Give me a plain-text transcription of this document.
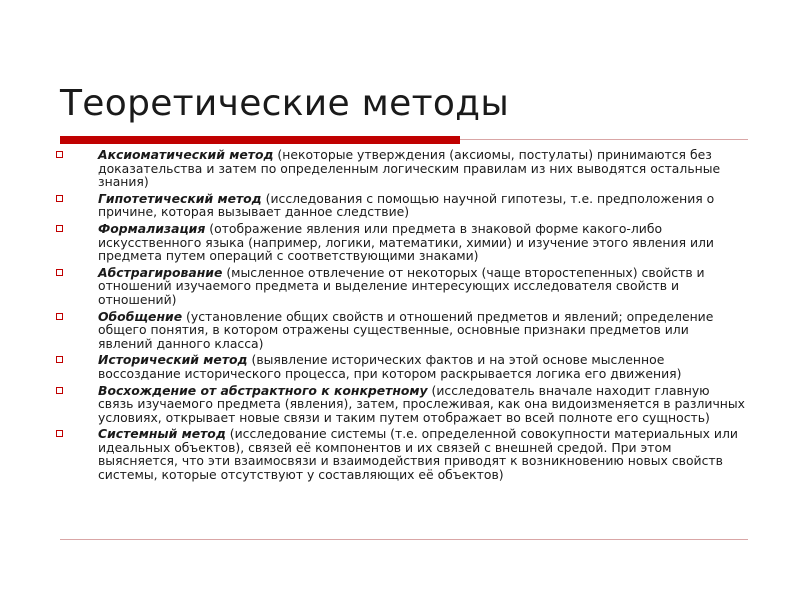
Теоретические методы
Аксиоматический метод (некоторые утверждения (аксиомы, постулаты) принимаются без доказательства и затем по определенным логическим правилам из них выводятся остальные знания)
Гипотетический метод (исследования с помощью научной гипотезы, т.е. предположения о причине, которая вызывает данное следствие)
Формализация (отображение явления или предмета в знаковой форме какого-либо искусственного языка (например, логики, математики, химии) и изучение этого явления или предмета путем операций с соответствующими знаками)
Абстрагирование (мысленное отвлечение от некоторых (чаще второстепенных) свойств и отношений изучаемого предмета и выделение интересующих исследователя свойств и отношений)
Обобщение (установление общих свойств и отношений предметов и явлений; определение общего понятия, в котором отражены существенные, основные признаки предметов или явлений данного класса)
Исторический метод (выявление исторических фактов и на этой основе мысленное воссоздание исторического процесса, при котором раскрывается логика его движения)
Восхождение от абстрактного к конкретному (исследователь вначале находит главную связь изучаемого предмета (явления), затем, прослеживая, как она видоизменяется в различных условиях, открывает новые связи и таким путем отображает во всей полноте его сущность)
Системный метод (исследование системы (т.е. определенной совокупности материальных или идеальных объектов), связей её компонентов и их связей с внешней средой. При этом выясняется, что эти взаимосвязи и взаимодействия приводят к возникновению новых свойств системы, которые отсутствуют у составляющих её объектов)
